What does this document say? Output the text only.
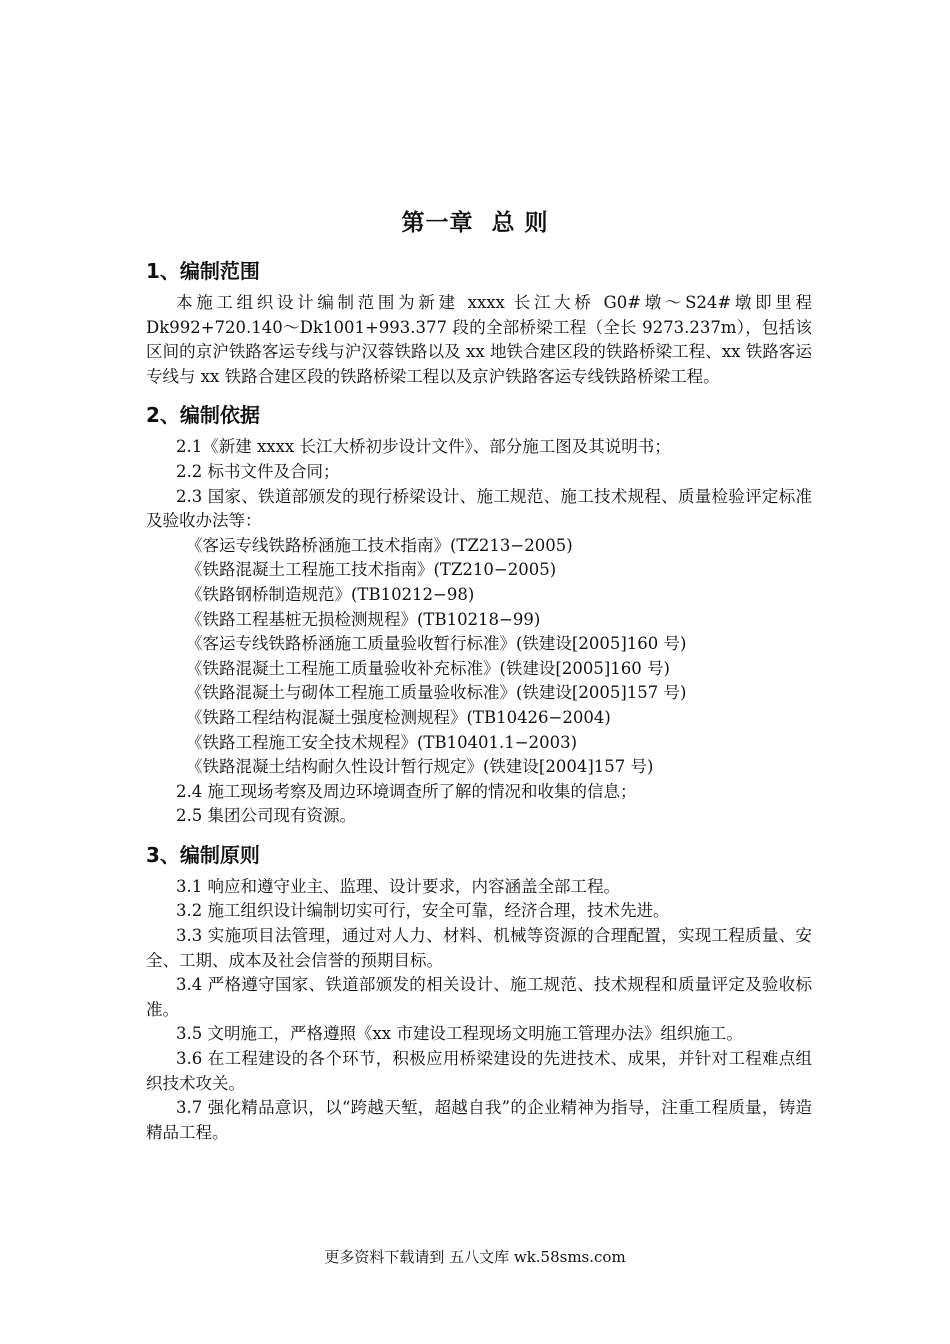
第一章  总 则
1、编制范围

本施工组织设计编制范围为新建 xxxx 长江大桥 G0#墩～S24#墩即里程 Dk992+720.140～Dk1001+993.377 段的全部桥梁工程（全长 9273.237m），包括该区间的京沪铁路客运专线与沪汉蓉铁路以及 xx 地铁合建区段的铁路桥梁工程、xx 铁路客运专线与 xx 铁路合建区段的铁路桥梁工程以及京沪铁路客运专线铁路桥梁工程。

2、编制依据

2.1《新建 xxxx 长江大桥初步设计文件》、部分施工图及其说明书；

2.2 标书文件及合同；

2.3 国家、铁道部颁发的现行桥梁设计、施工规范、施工技术规程、质量检验评定标准及验收办法等：

《客运专线铁路桥涵施工技术指南》(TZ213−2005)

《铁路混凝土工程施工技术指南》(TZ210−2005)

《铁路钢桥制造规范》(TB10212−98)

《铁路工程基桩无损检测规程》(TB10218−99)

《客运专线铁路桥涵施工质量验收暂行标准》(铁建设[2005]160 号)

《铁路混凝土工程施工质量验收补充标准》(铁建设[2005]160 号)

《铁路混凝土与砌体工程施工质量验收标准》(铁建设[2005]157 号)

《铁路工程结构混凝土强度检测规程》(TB10426−2004)

《铁路工程施工安全技术规程》(TB10401.1−2003)

《铁路混凝土结构耐久性设计暂行规定》(铁建设[2004]157 号)

2.4 施工现场考察及周边环境调查所了解的情况和收集的信息；

2.5 集团公司现有资源。

3、编制原则

3.1 响应和遵守业主、监理、设计要求，内容涵盖全部工程。

3.2 施工组织设计编制切实可行，安全可靠，经济合理，技术先进。

3.3 实施项目法管理，通过对人力、材料、机械等资源的合理配置，实现工程质量、安全、工期、成本及社会信誉的预期目标。

3.4 严格遵守国家、铁道部颁发的相关设计、施工规范、技术规程和质量评定及验收标准。

3.5 文明施工，严格遵照《xx 市建设工程现场文明施工管理办法》组织施工。

3.6 在工程建设的各个环节，积极应用桥梁建设的先进技术、成果，并针对工程难点组织技术攻关。

3.7 强化精品意识，以“跨越天堑，超越自我”的企业精神为指导，注重工程质量，铸造精品工程。

更多资料下载请到 五八文库 wk.58sms.com
